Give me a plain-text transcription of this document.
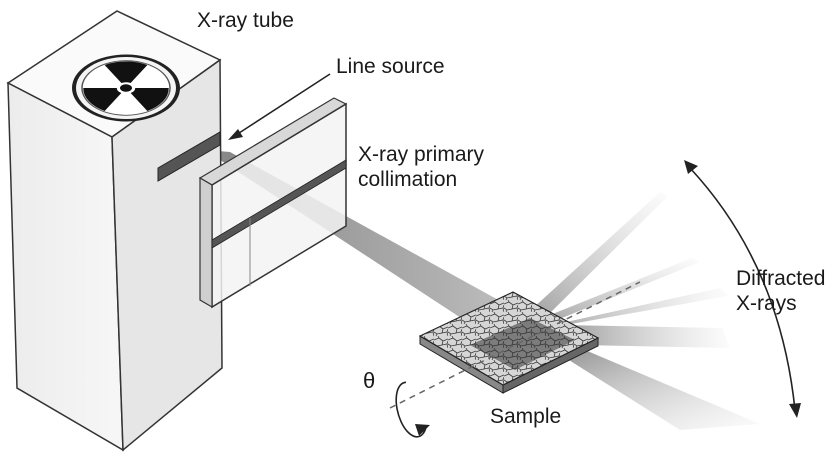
X-ray tube
Line source
X-ray primary
collimation
Diffracted
X-rays
Sample
θ
